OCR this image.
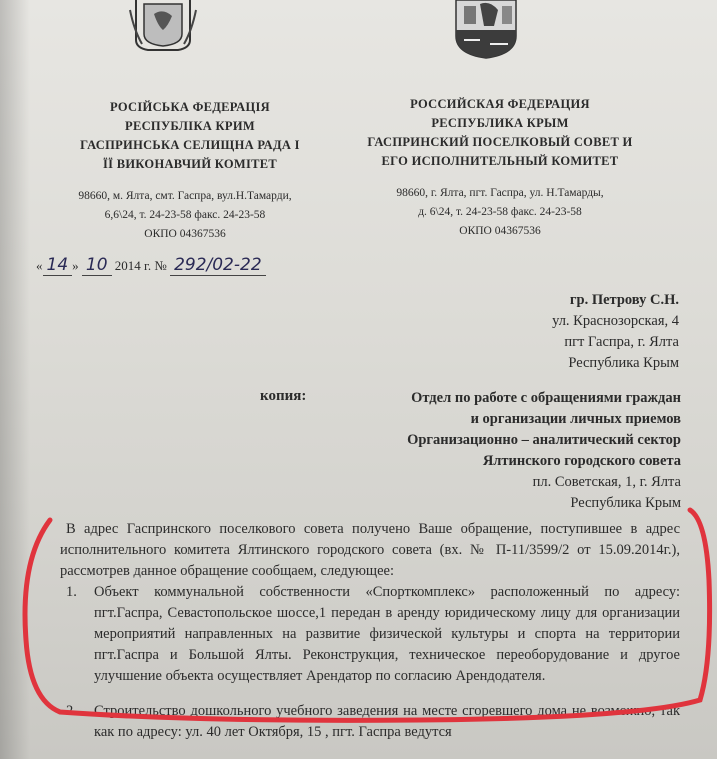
РОСІЙСЬКА ФЕДЕРАЦІЯ
РЕСПУБЛІКА КРИМ
ГАСПРИНСЬКА СЕЛИЩНА РАДА І
ЇЇ ВИКОНАВЧИЙ КОМІТЕТ
98660, м. Ялта, смт. Гаспра, вул.Н.Тамарди,
6,6\24, т. 24-23-58 факс. 24-23-58
ОКПО 04367536
РОССИЙСКАЯ ФЕДЕРАЦИЯ
РЕСПУБЛИКА КРЫМ
ГАСПРИНСКИЙ ПОСЕЛКОВЫЙ СОВЕТ И
ЕГО ИСПОЛНИТЕЛЬНЫЙ КОМИТЕТ
98660, г. Ялта, пгт. Гаспра, ул. Н.Тамарды,
д. 6\24, т. 24-23-58 факс. 24-23-58
ОКПО 04367536
« 14 » 10 2014 г. № 292/02-22
гр. Петрову С.Н.
ул. Краснозорская, 4
пгт Гаспра, г. Ялта
Республика Крым
копия:	Отдел по работе с обращениями граждан
и организации личных приемов
Организационно – аналитический сектор
Ялтинского городского совета
пл. Советская, 1, г. Ялта
Республика Крым

В адрес Гаспринского поселкового совета получено Ваше обращение, поступившее в адрес исполнительного комитета Ялтинского городского совета (вх. № П-11/3599/2 от 15.09.2014г.), рассмотрев данное обращение сообщаем, следующее:

1. Объект коммунальной собственности «Спорткомплекс» расположенный по адресу: пгт.Гаспра, Севастопольское шоссе,1 передан в аренду юридическому лицу для организации мероприятий направленных на развитие физической культуры и спорта на территории пгт.Гаспра и Большой Ялты. Реконструкция, техническое переоборудование и другое улучшение объекта осуществляет Арендатор по согласию Арендодателя.

2. Строительство дошкольного учебного заведения на месте сгоревшего дома не возможно, так как по адресу: ул. 40 лет Октября, 15 , пгт. Гаспра ведутся
